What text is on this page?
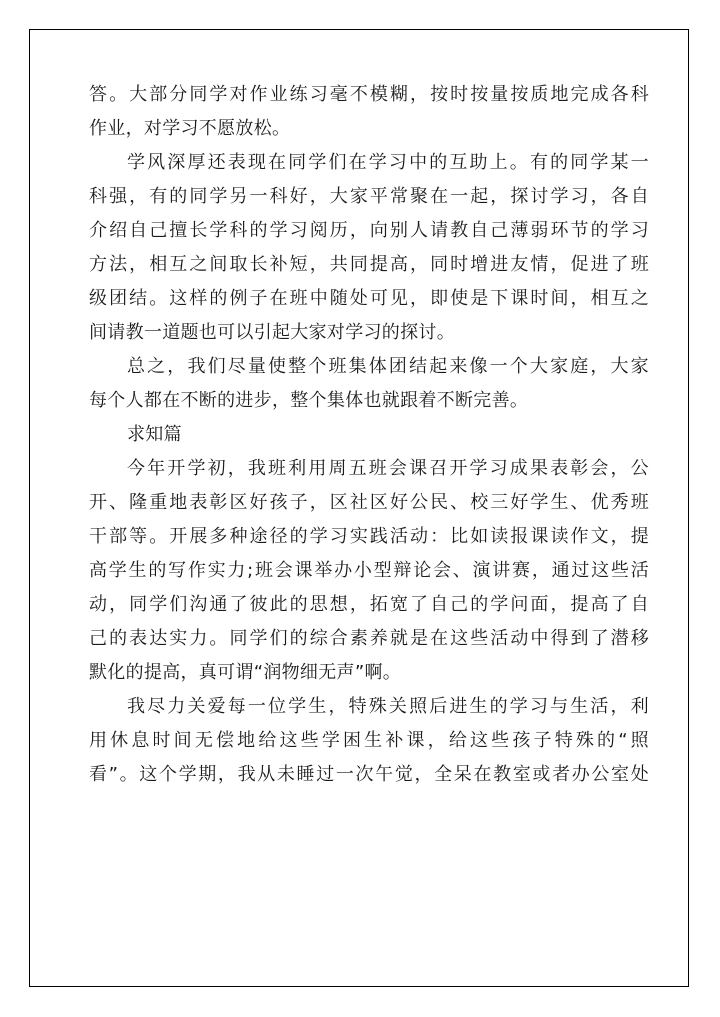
答。大部分同学对作业练习毫不模糊，按时按量按质地完成各科
作业，对学习不愿放松。
学风深厚还表现在同学们在学习中的互助上。有的同学某一
科强，有的同学另一科好，大家平常聚在一起，探讨学习，各自
介绍自己擅长学科的学习阅历，向别人请教自己薄弱环节的学习
方法，相互之间取长补短，共同提高，同时增进友情，促进了班
级团结。这样的例子在班中随处可见，即使是下课时间，相互之
间请教一道题也可以引起大家对学习的探讨。
总之，我们尽量使整个班集体团结起来像一个大家庭，大家
每个人都在不断的进步，整个集体也就跟着不断完善。
求知篇
今年开学初，我班利用周五班会课召开学习成果表彰会，公
开、隆重地表彰区好孩子，区社区好公民、校三好学生、优秀班
干部等。开展多种途径的学习实践活动：比如读报课读作文，提
高学生的写作实力;班会课举办小型辩论会、演讲赛，通过这些活
动，同学们沟通了彼此的思想，拓宽了自己的学问面，提高了自
己的表达实力。同学们的综合素养就是在这些活动中得到了潜移
默化的提高，真可谓“润物细无声”啊。
我尽力关爱每一位学生，特殊关照后进生的学习与生活，利
用休息时间无偿地给这些学困生补课，给这些孩子特殊的“照
看”。这个学期，我从未睡过一次午觉，全呆在教室或者办公室处
